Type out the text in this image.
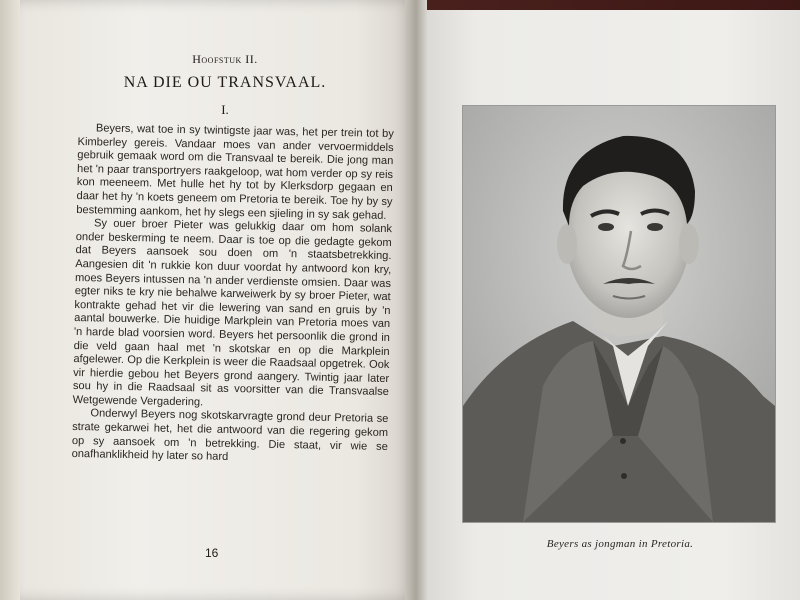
Hoofstuk II.
NA DIE OU TRANSVAAL.
I.

Beyers, wat toe in sy twintigste jaar was, het per trein tot by Kimberley gereis. Vandaar moes van ander vervoermiddels gebruik gemaak word om die Transvaal te bereik. Die jong man het 'n paar transportryers raakgeloop, wat hom verder op sy reis kon meeneem. Met hulle het hy tot by Klerksdorp gegaan en daar het hy 'n koets geneem om Pretoria te bereik. Toe hy by sy bestemming aankom, het hy slegs een sjieling in sy sak gehad.

Sy ouer broer Pieter was gelukkig daar om hom solank onder beskerming te neem. Daar is toe op die gedagte gekom dat Beyers aansoek sou doen om 'n staatsbetrekking. Aangesien dit 'n rukkie kon duur voordat hy antwoord kon kry, moes Beyers intussen na 'n ander verdienste omsien. Daar was egter niks te kry nie behalwe karweiwerk by sy broer Pieter, wat kontrakte gehad het vir die lewering van sand en gruis by 'n aantal bouwerke. Die huidige Markplein van Pretoria moes van 'n harde blad voorsien word. Beyers het persoonlik die grond in die veld gaan haal met 'n skotskar en op die Markplein afgelewer. Op die Kerkplein is weer die Raadsaal opgetrek. Ook vir hierdie gebou het Beyers grond aangery. Twintig jaar later sou hy in die Raadsaal sit as voorsitter van die Transvaalse Wetgewende Vergadering.

Onderwyl Beyers nog skotskarvragte grond deur Pretoria se strate gekarwei het, het die antwoord van die regering gekom op sy aansoek om 'n betrekking. Die staat, vir wie se onafhanklikheid hy later so hard

16
Beyers as jongman in Pretoria.
